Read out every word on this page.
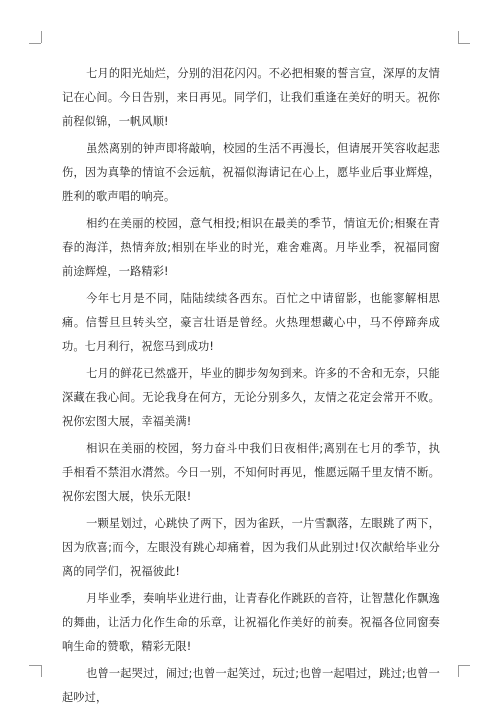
七月的阳光灿烂，分别的泪花闪闪。不必把相聚的誓言宣，深厚的友情记在心间。今日告别，来日再见。同学们，让我们重逢在美好的明天。祝你前程似锦，一帆风顺!

虽然离别的钟声即将敲响，校园的生活不再漫长，但请展开笑容收起悲伤，因为真挚的情谊不会远航，祝福似海请记在心上，愿毕业后事业辉煌，胜利的歌声唱的响亮。

相约在美丽的校园，意气相投;相识在最美的季节，情谊无价;相聚在青春的海洋，热情奔放;相别在毕业的时光，难舍难离。月毕业季，祝福同窗前途辉煌，一路精彩!

今年七月是不同，陆陆续续各西东。百忙之中请留影，也能寥解相思痛。信誓旦旦转头空，豪言壮语是曾经。火热理想藏心中，马不停蹄奔成功。七月利行，祝您马到成功!

七月的鲜花已然盛开，毕业的脚步匆匆到来。许多的不舍和无奈，只能深藏在我心间。无论我身在何方，无论分别多久，友情之花定会常开不败。祝你宏图大展，幸福美满!

相识在美丽的校园，努力奋斗中我们日夜相伴;离别在七月的季节，执手相看不禁泪水潸然。今日一别，不知何时再见，惟愿远隔千里友情不断。祝你宏图大展，快乐无限!

一颗星划过，心跳快了两下，因为雀跃，一片雪飘落，左眼跳了两下，因为欣喜;而今，左眼没有跳心却痛着，因为我们从此别过!仅次献给毕业分离的同学们，祝福彼此!

月毕业季，奏响毕业进行曲，让青春化作跳跃的音符，让智慧化作飘逸的舞曲，让活力化作生命的乐章，让祝福化作美好的前奏。祝福各位同窗奏响生命的赞歌，精彩无限!

也曾一起哭过，闹过;也曾一起笑过，玩过;也曾一起唱过，跳过;也曾一起吵过，
